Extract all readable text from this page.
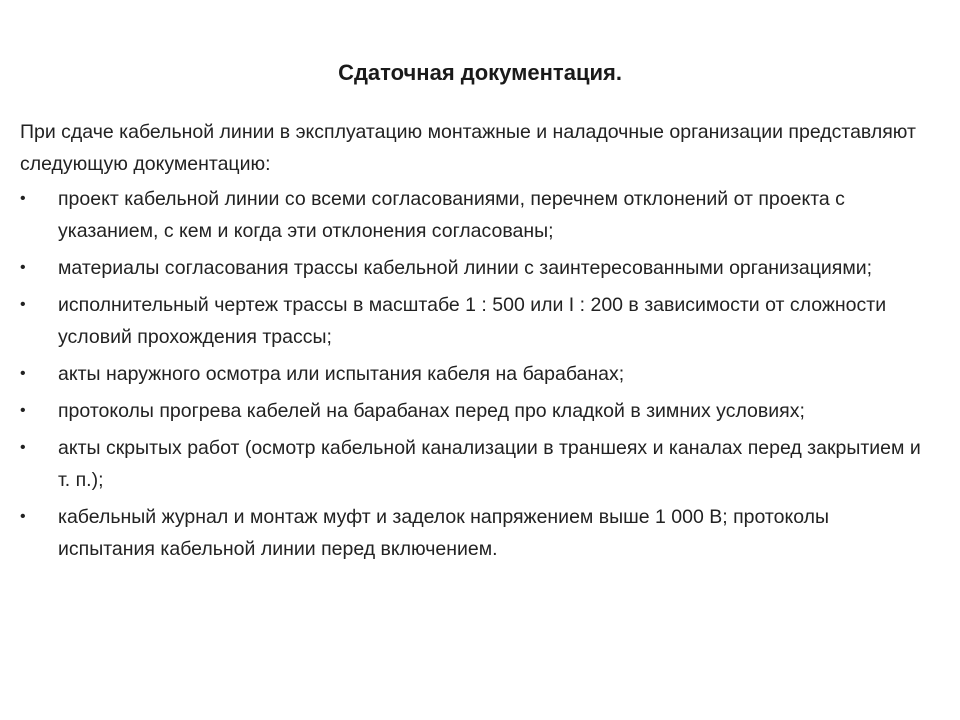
Сдаточная документация.

При сдаче кабельной линии в эксплуатацию монтажные и наладочные организации представляют следующую документацию:

•	проект кабельной линии со всеми согласованиями, перечнем отклонений от проекта с указанием, с кем и когда эти отклонения согласованы;
•	материалы согласования трассы кабельной линии с заинтересованными организациями;
•	исполнительный чертеж трассы в масштабе 1 : 500 или I : 200 в зависимости от сложности условий прохождения трассы;
•	акты наружного осмотра или испытания кабеля на барабанах;
•	протоколы прогрева кабелей на барабанах перед про кладкой в зимних условиях;
•	акты скрытых работ (осмотр кабельной канализации в траншеях и каналах перед закрытием и т. п.);
•	кабельный журнал и монтаж муфт и заделок напряжением выше 1 000 В; протоколы испытания кабельной линии перед включением.
